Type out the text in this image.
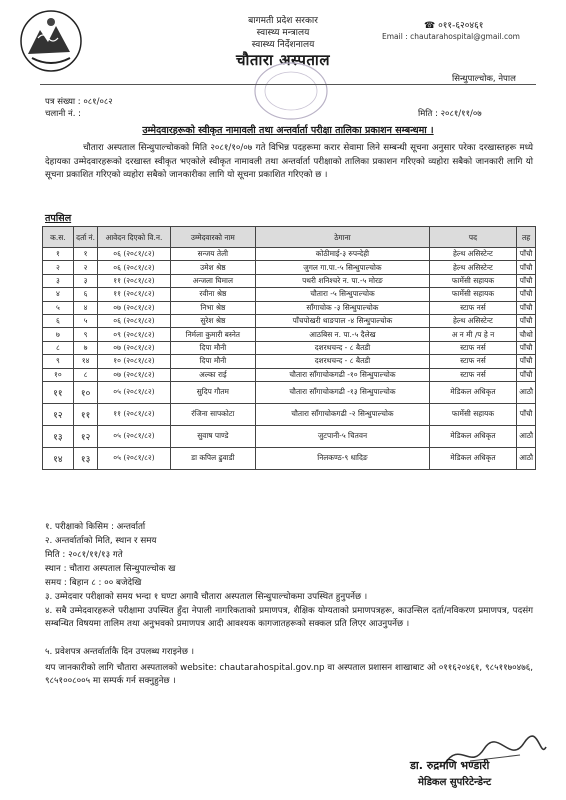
बागमती प्रदेश सरकार
स्वास्थ्य मन्त्रालय
स्वास्थ्य निर्देशनालय
चौतारा अस्पताल
☎ ०११-६२०४६१
Email : chautarahospital@gmail.com
सिन्धुपाल्चोक, नेपाल
पत्र संख्या : ०८१/०८२
चलानी नं. :	मिति : २०८१/११/०७
उम्मेदवारहरूको स्वीकृत नामावली तथा अन्तर्वार्ता परीक्षा तालिका प्रकाशन सम्बन्धमा ।
चौतारा अस्पताल सिन्धुपाल्चोकको मिति २०८१/१०/०७ गते विभिन्न पदहरूमा करार सेवामा लिने सम्बन्धी सूचना अनुसार परेका दरखास्तहरू मध्ये देहायका उम्मेदवारहरूको दरखास्त स्वीकृत भएकोले स्वीकृत नामावली तथा अन्तर्वार्ता परीक्षाको तालिका प्रकाशन गरिएको व्यहोरा सबैको जानकारी लागि यो सूचना प्रकाशित गरिएको व्यहोरा सबैको जानकारीका लागि यो सूचना प्रकाशित गरिएको छ ।
तपसिल
क.स.	दर्ता नं.	आवेदन दिएको वि.न.	उम्मेदवारको नाम	ठेगाना	पद	तह
१	१	०६ (२०८१/८२)	सन्जय तेली	कोठीमाई-३ रुपन्देही	हेल्थ असिस्टेन्ट	पाँचौ
२	२	०६ (२०८१/८२)	उमेश श्रेष्ठ	जुगल गा.पा.-५ सिन्धुपाल्चोक	हेल्थ असिस्टेन्ट	पाँचौ
३	३	११ (२०८१/८२)	अन्जला घिमाल	पथरी शनिश्चरे न. पा.-५ मोरङ	फार्मेसी सहायक	पाँचौ
४	६	११ (२०८१/८२)	रवीना श्रेष्ठ	चौतारा -५ सिन्धुपाल्चोक	फार्मेसी सहायक	पाँचौ
५	४	०७ (२०८१/८२)	निभा श्रेष्ठ	साँगाचोक -३ सिन्धुपाल्चोक	स्टाफ नर्स	पाँचौ
६	५	०६ (२०८१/८२)	सुरेश श्रेष्ठ	पाँचपोखरी थाङपाल -४ सिन्धुपाल्चोक	हेल्थ असिस्टेन्ट	पाँचौ
७	९	०९ (२०८१/८२)	निर्मला कुमारी बस्नेत	आठबिस न. पा.-५ दैलेख	अ न मी /प हे न	चौथो
८	७	०७ (२०८१/८२)	दिपा मौनी	दशरथचन्द - ८ बैतडी	स्टाफ नर्स	पाँचौ
९	१४	१० (२०८१/८२)	दिपा मौनी	दशरथचन्द - ८ बैतडी	स्टाफ नर्स	पाँचौ
१०	८	०७ (२०८१/८२)	अल्का राई	चौतारा साँगाचोकगढी -१० सिन्धुपाल्चोक	स्टाफ नर्स	पाँचौ
११	१०	०५ (२०८१/८२)	सुदिप गौतम	चौतारा साँगाचोकगढी -१३ सिन्धुपाल्चोक	मेडिकल अधिकृत	आठौ
१२	११	११ (२०८१/८२)	रंजिना सापकोटा	चौतारा साँगाचोकगढी -२ सिन्धुपाल्चोक	फार्मेसी सहायक	पाँचौ
१३	१२	०५ (२०८१/८२)	सुवाष पाण्डे	जुटपानी-५ चितवन	मेडिकल अधिकृत	आठौ
१४	१३	०५ (२०८१/८२)	डा कपिल ढुवाडी	निलकण्ठ-९ धादिङ	मेडिकल अधिकृत	आठौ
१. परीक्षाको किसिम : अन्तर्वार्ता
२. अन्तर्वार्ताको मिति, स्थान र समय
मिति : २०८१/११/१३ गते
स्थान : चौतारा अस्पताल सिन्धुपाल्चोक ख
समय : बिहान ८ : ०० बजेदेखि
३. उम्मेदवार परीक्षाको समय भन्दा १ घण्टा अगावै चौतारा अस्पताल सिन्धुपाल्चोकमा उपस्थित हुनुपर्नेछ ।
४. सबै उम्मेदवारहरूले परीक्षामा उपस्थित हुँदा नेपाली नागरिकताको प्रमाणपत्र, शैक्षिक योग्यताको प्रमाणपत्रहरू, काउन्सिल दर्ता/नविकरण प्रमाणपत्र, पदसंग सम्बन्धित विषयमा तालिम तथा अनुभवको प्रमाणपत्र आदी आवश्यक कागजातहरूको सक्कल प्रति लिएर आउनुपर्नेछ ।
५. प्रवेशपत्र अन्तर्वार्ताकै दिन उपलब्ध गराइनेछ ।
थप जानकारीको लागि चौतारा अस्पतालको website: chautarahospital.gov.np वा अस्पताल प्रशासन शाखाबाट ओ ०११६२०४६१, ९८५११७०४७६, ९८५१००८००५ मा सम्पर्क गर्न सक्नुहुनेछ ।
डा. रुद्रमणि भण्डारी
मेडिकल सुपरिटेन्डेन्ट
